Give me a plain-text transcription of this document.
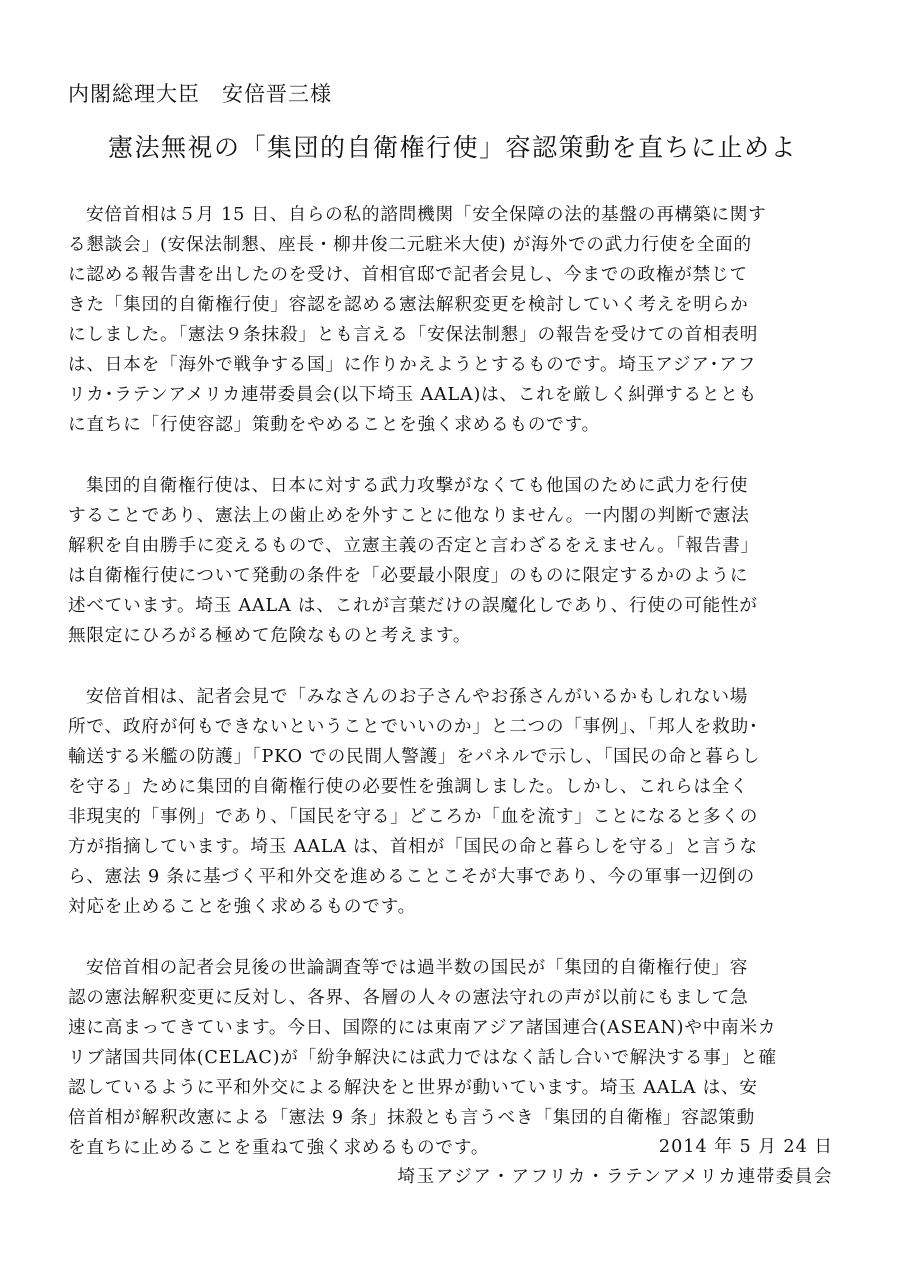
内閣総理大臣　安倍晋三様
憲法無視の「集団的自衛権行使」容認策動を直ちに止めよ
安倍首相は５月 15 日、自らの私的諮問機関「安全保障の法的基盤の再構築に関す
る懇談会」(安保法制懇、座長・柳井俊二元駐米大使) が海外での武力行使を全面的
に認める報告書を出したのを受け、首相官邸で記者会見し、今までの政権が禁じて
きた「集団的自衛権行使」容認を認める憲法解釈変更を検討していく考えを明らか
にしました。「憲法９条抹殺」とも言える「安保法制懇」の報告を受けての首相表明
は、日本を「海外で戦争する国」に作りかえようとするものです。埼玉アジア･アフ
リカ･ラテンアメリカ連帯委員会(以下埼玉 AALA)は、これを厳しく糾弾するととも
に直ちに「行使容認」策動をやめることを強く求めるものです。
集団的自衛権行使は、日本に対する武力攻撃がなくても他国のために武力を行使
することであり、憲法上の歯止めを外すことに他なりません。一内閣の判断で憲法
解釈を自由勝手に変えるもので、立憲主義の否定と言わざるをえません。「報告書」
は自衛権行使について発動の条件を「必要最小限度」のものに限定するかのように
述べています。埼玉 AALA は、これが言葉だけの誤魔化しであり、行使の可能性が
無限定にひろがる極めて危険なものと考えます。
安倍首相は、記者会見で「みなさんのお子さんやお孫さんがいるかもしれない場
所で、政府が何もできないということでいいのか」と二つの「事例」、「邦人を救助･
輸送する米艦の防護」「PKO での民間人警護」をパネルで示し、「国民の命と暮らし
を守る」ために集団的自衛権行使の必要性を強調しました。しかし、これらは全く
非現実的「事例」であり、「国民を守る」どころか「血を流す」ことになると多くの
方が指摘しています。埼玉 AALA は、首相が「国民の命と暮らしを守る」と言うな
ら、憲法 9 条に基づく平和外交を進めることこそが大事であり、今の軍事一辺倒の
対応を止めることを強く求めるものです。
安倍首相の記者会見後の世論調査等では過半数の国民が「集団的自衛権行使」容
認の憲法解釈変更に反対し、各界、各層の人々の憲法守れの声が以前にもまして急
速に高まってきています。今日、国際的には東南アジア諸国連合(ASEAN)や中南米カ
リブ諸国共同体(CELAC)が「紛争解決には武力ではなく話し合いで解決する事」と確
認しているように平和外交による解決をと世界が動いています。埼玉 AALA は、安
倍首相が解釈改憲による「憲法 9 条」抹殺とも言うべき「集団的自衛権」容認策動
を直ちに止めることを重ねて強く求めるものです。	2014 年 5 月 24 日
埼玉アジア・アフリカ・ラテンアメリカ連帯委員会
